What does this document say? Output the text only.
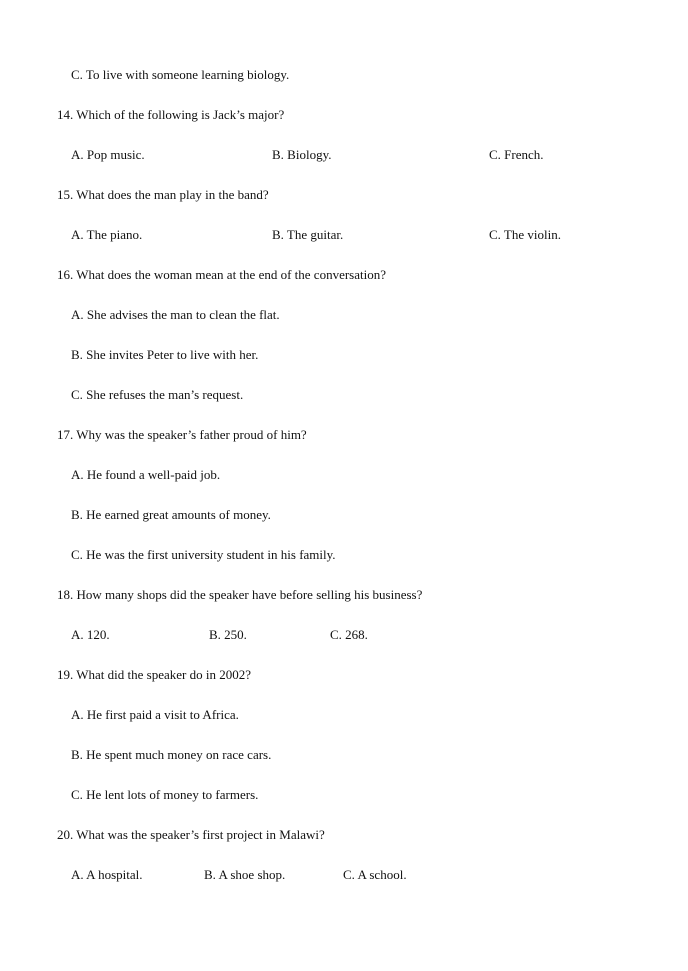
C. To live with someone learning biology.
14. Which of the following is Jack’s major?
A. Pop music.	B. Biology.	C. French.
15. What does the man play in the band?
A. The piano.	B. The guitar.	C. The violin.
16. What does the woman mean at the end of the conversation?
A. She advises the man to clean the flat.
B. She invites Peter to live with her.
C. She refuses the man’s request.
17. Why was the speaker’s father proud of him?
A. He found a well-paid job.
B. He earned great amounts of money.
C. He was the first university student in his family.
18. How many shops did the speaker have before selling his business?
A. 120.	B. 250.	C. 268.
19. What did the speaker do in 2002?
A. He first paid a visit to Africa.
B. He spent much money on race cars.
C. He lent lots of money to farmers.
20. What was the speaker’s first project in Malawi?
A. A hospital.	B. A shoe shop.	C. A school.
